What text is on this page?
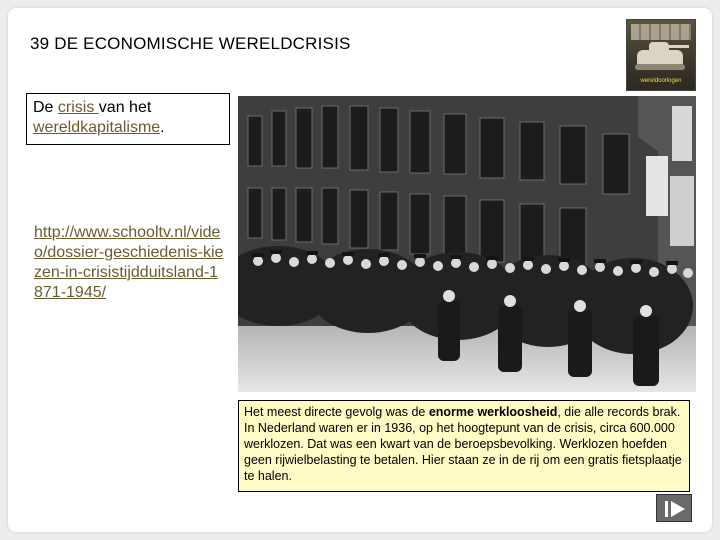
39 DE ECONOMISCHE WERELDCRISIS
wereldoorlogen
De crisis van het wereldkapitalisme.
http://www.schooltv.nl/video/dossier-geschiedenis-kiezen-in-crisistijdduitsland-1871-1945/
Het meest directe gevolg was de enorme werkloosheid, die alle records brak. In Nederland waren er in 1936, op het hoogtepunt van de crisis, circa 600.000 werklozen. Dat was een kwart van de beroepsbevolking. Werklozen hoefden geen rijwielbelasting te betalen. Hier staan ze in de rij om een gratis fietsplaatje te halen.
